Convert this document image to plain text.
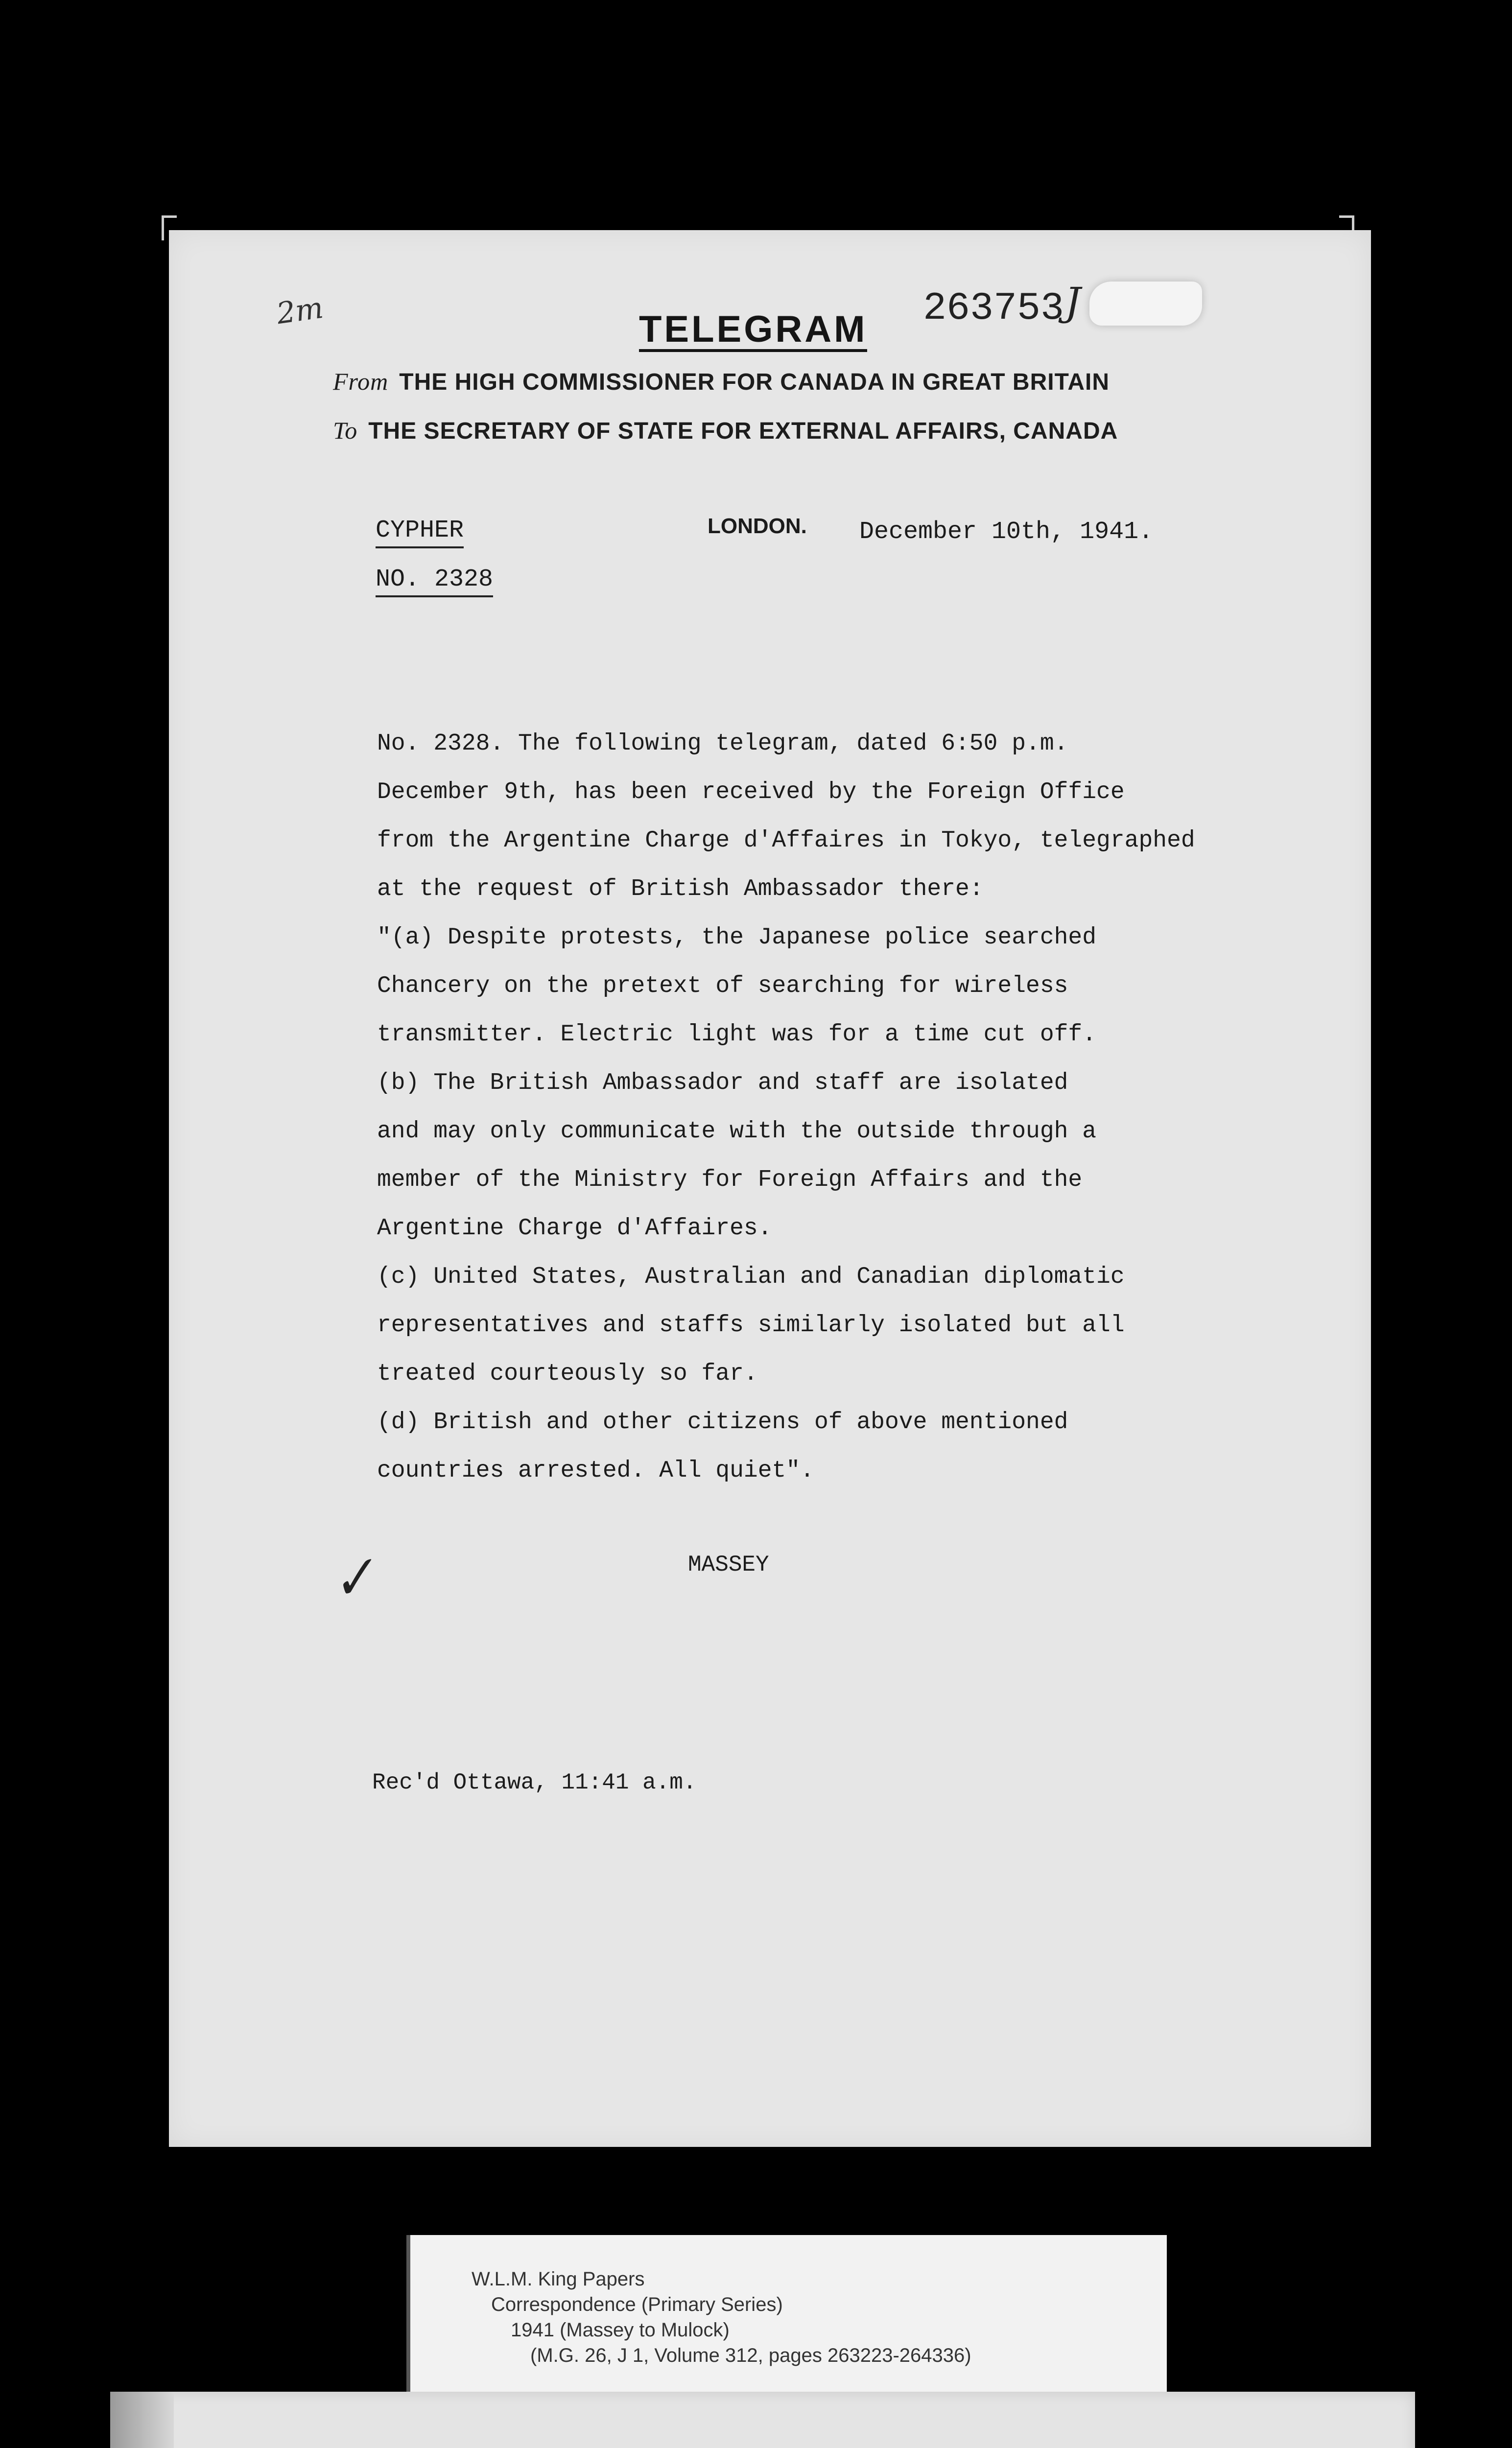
2m	263753 J
TELEGRAM
From THE HIGH COMMISSIONER FOR CANADA IN GREAT BRITAIN
To THE SECRETARY OF STATE FOR EXTERNAL AFFAIRS, CANADA
CYPHER
NO. 2328
LONDON. December 10th, 1941.
No. 2328. The following telegram, dated 6:50 p.m.
December 9th, has been received by the Foreign Office
from the Argentine Charge d'Affaires in Tokyo, telegraphed
at the request of British Ambassador there:
"(a) Despite protests, the Japanese police searched
Chancery on the pretext of searching for wireless
transmitter. Electric light was for a time cut off.
(b) The British Ambassador and staff are isolated
and may only communicate with the outside through a
member of the Ministry for Foreign Affairs and the
Argentine Charge d'Affaires.
(c) United States, Australian and Canadian diplomatic
representatives and staffs similarly isolated but all
treated courteously so far.
(d) British and other citizens of above mentioned
countries arrested. All quiet".
MASSEY
✓
Rec'd Ottawa, 11:41 a.m.
W.L.M. King Papers
Correspondence (Primary Series)
1941 (Massey to Mulock)
(M.G. 26, J 1, Volume 312, pages 263223-264336)
